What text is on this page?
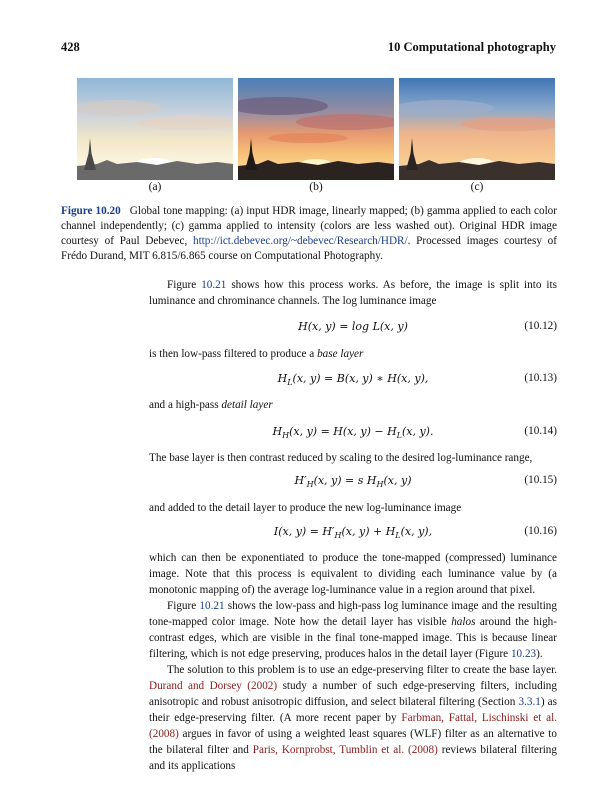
428	10 Computational photography
(a)	(b)	(c)
Figure 10.20 Global tone mapping: (a) input HDR image, linearly mapped; (b) gamma applied to each color channel independently; (c) gamma applied to intensity (colors are less washed out). Original HDR image courtesy of Paul Debevec, http://ict.debevec.org/~debevec/Research/HDR/. Processed images courtesy of Frédo Durand, MIT 6.815/6.865 course on Computational Photography.
Figure 10.21 shows how this process works. As before, the image is split into its luminance and chrominance channels. The log luminance image
H(x, y) = log L(x, y)	(10.12)
is then low-pass filtered to produce a base layer
$H_L(x$, y) = B(x, y) ∗ H(x, y),	(10.13)
and a high-pass detail layer
$H_H(x$, y) = H(x, $y) - H_L(x$, y).	(10.14)
The base layer is then contrast reduced by scaling to the desired log-luminance range,
$H'_H(x$, y) = s $H_H(x$, y)	(10.15)
and added to the detail layer to produce the new log-luminance image
I(x, $y) = H'_H(x$, $y) + H_L(x$, y),	(10.16)
which can then be exponentiated to produce the tone-mapped (compressed) luminance image. Note that this process is equivalent to dividing each luminance value by (a monotonic mapping of) the average log-luminance value in a region around that pixel.
Figure 10.21 shows the low-pass and high-pass log luminance image and the resulting tone-mapped color image. Note how the detail layer has visible halos around the high-contrast edges, which are visible in the final tone-mapped image. This is because linear filtering, which is not edge preserving, produces halos in the detail layer (Figure 10.23).
The solution to this problem is to use an edge-preserving filter to create the base layer. Durand and Dorsey (2002) study a number of such edge-preserving filters, including anisotropic and robust anisotropic diffusion, and select bilateral filtering (Section 3.3.1) as their edge-preserving filter. (A more recent paper by Farbman, Fattal, Lischinski et al. (2008) argues in favor of using a weighted least squares (WLF) filter as an alternative to the bilateral filter and Paris, Kornprobst, Tumblin et al. (2008) reviews bilateral filtering and its applications
